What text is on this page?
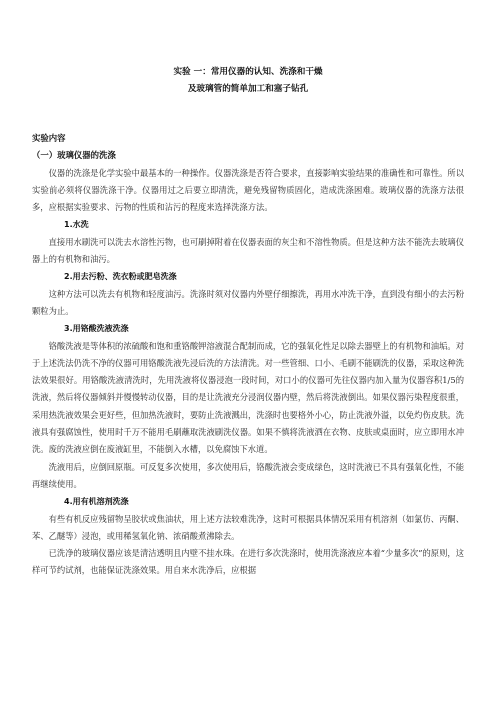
实验 一：常用仪器的认知、洗涤和干燥
及玻璃管的简单加工和塞子钻孔
实验内容
（一）玻璃仪器的洗涤

仪器的洗涤是化学实验中最基本的一种操作。仪器洗涤是否符合要求，直接影响实验结果的准确性和可靠性。所以实验前必须将仪器洗涤干净。仪器用过之后要立即清洗，避免残留物质固化，造成洗涤困难。玻璃仪器的洗涤方法很多，应根据实验要求、污物的性质和沾污的程度来选择洗涤方法。

1.水洗

直接用水刷洗可以洗去水溶性污物，也可刷掉附着在仪器表面的灰尘和不溶性物质。但是这种方法不能洗去玻璃仪器上的有机物和油污。

2.用去污粉、洗衣粉或肥皂洗涤

这种方法可以洗去有机物和轻度油污。洗涤时须对仪器内外壁仔细擦洗，再用水冲洗干净，直到没有细小的去污粉颗粒为止。

3.用铬酸洗液洗涤

铬酸洗液是等体积的浓硫酸和饱和重铬酸钾溶液混合配制而成，它的强氧化性足以除去器壁上的有机物和油垢。对于上述洗法仍洗不净的仪器可用铬酸洗液先浸后洗的方法清洗。对一些管细、口小、毛刷不能刷洗的仪器，采取这种洗法效果很好。用铬酸洗液清洗时，先用洗液将仪器浸泡一段时间，对口小的仪器可先往仪器内加入量为仪器容积1/5的洗液，然后将仪器倾斜并慢慢转动仪器，目的是让洗液充分浸润仪器内壁，然后将洗液倒出。如果仪器污染程度很重，采用热洗液效果会更好些，但加热洗液时，要防止洗液溅出，洗涤时也要格外小心，防止洗液外溢，以免灼伤皮肤。洗液具有强腐蚀性，使用时千万不能用毛刷蘸取洗液刷洗仪器。如果不慎将洗液洒在衣物、皮肤或桌面时，应立即用水冲洗。废的洗液应倒在废液缸里，不能倒入水槽，以免腐蚀下水道。

洗液用后，应倒回原瓶。可反复多次使用，多次使用后，铬酸洗液会变成绿色，这时洗液已不具有强氧化性，不能再继续使用。

4.用有机溶剂洗涤

有些有机反应残留物呈胶状或焦油状，用上述方法较难洗净，这时可根据具体情况采用有机溶剂（如氯仿、丙酮、苯、乙醚等）浸泡，或用稀氢氧化钠、浓硝酸煮沸除去。

已洗净的玻璃仪器应该是清洁透明且内壁不挂水珠。在进行多次洗涤时，使用洗涤液应本着“少量多次”的原则，这样可节约试剂，也能保证洗涤效果。用自来水洗净后，应根据
